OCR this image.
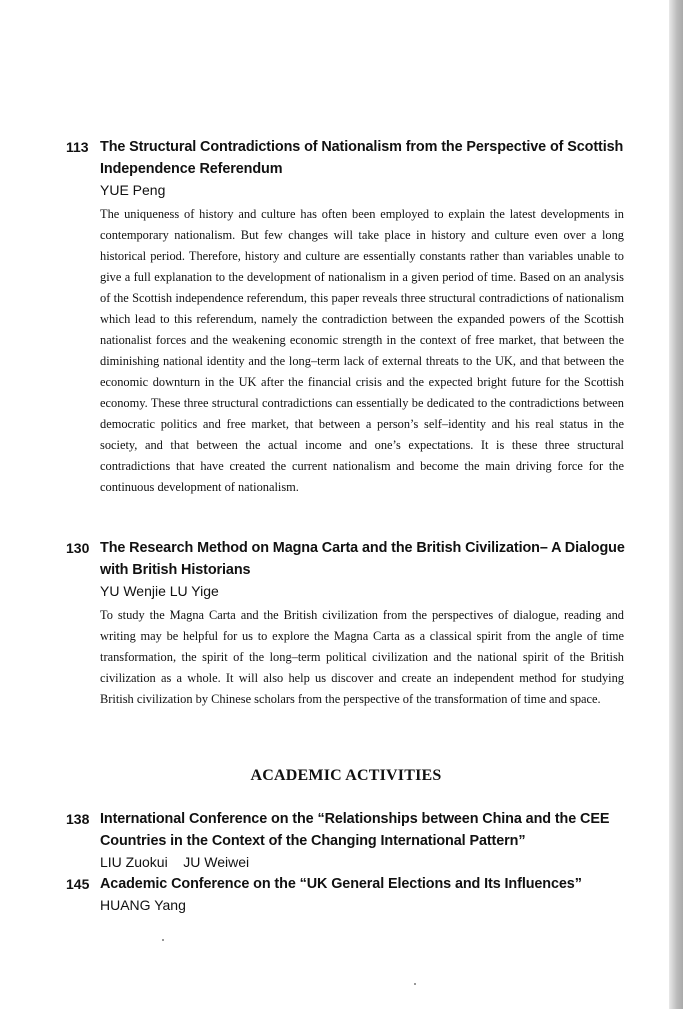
113 The Structural Contradictions of Nationalism from the Perspective of Scottish Independence Referendum
YUE Peng
The uniqueness of history and culture has often been employed to explain the latest developments in contemporary nationalism. But few changes will take place in history and culture even over a long historical period. Therefore, history and culture are essentially constants rather than variables unable to give a full explanation to the development of nationalism in a given period of time. Based on an analysis of the Scottish independence referendum, this paper reveals three structural contradictions of nationalism which lead to this referendum, namely the contradiction between the expanded powers of the Scottish nationalist forces and the weakening economic strength in the context of free market, that between the diminishing national identity and the long–term lack of external threats to the UK, and that between the economic downturn in the UK after the financial crisis and the expected bright future for the Scottish economy. These three structural contradictions can essentially be dedicated to the contradictions between democratic politics and free market, that between a person’s self–identity and his real status in the society, and that between the actual income and one’s expectations. It is these three structural contradictions that have created the current nationalism and become the main driving force for the continuous development of nationalism.
130 The Research Method on Magna Carta and the British Civilization– A Dialogue with British Historians
YU Wenjie LU Yige
To study the Magna Carta and the British civilization from the perspectives of dialogue, reading and writing may be helpful for us to explore the Magna Carta as a classical spirit from the angle of time transformation, the spirit of the long–term political civilization and the national spirit of the British civilization as a whole. It will also help us discover and create an independent method for studying British civilization by Chinese scholars from the perspective of the transformation of time and space.
ACADEMIC ACTIVITIES
138 International Conference on the “Relationships between China and the CEE Countries in the Context of the Changing International Pattern”
LIU Zuokui    JU Weiwei
145 Academic Conference on the “UK General Elections and Its Influences”
HUANG Yang
